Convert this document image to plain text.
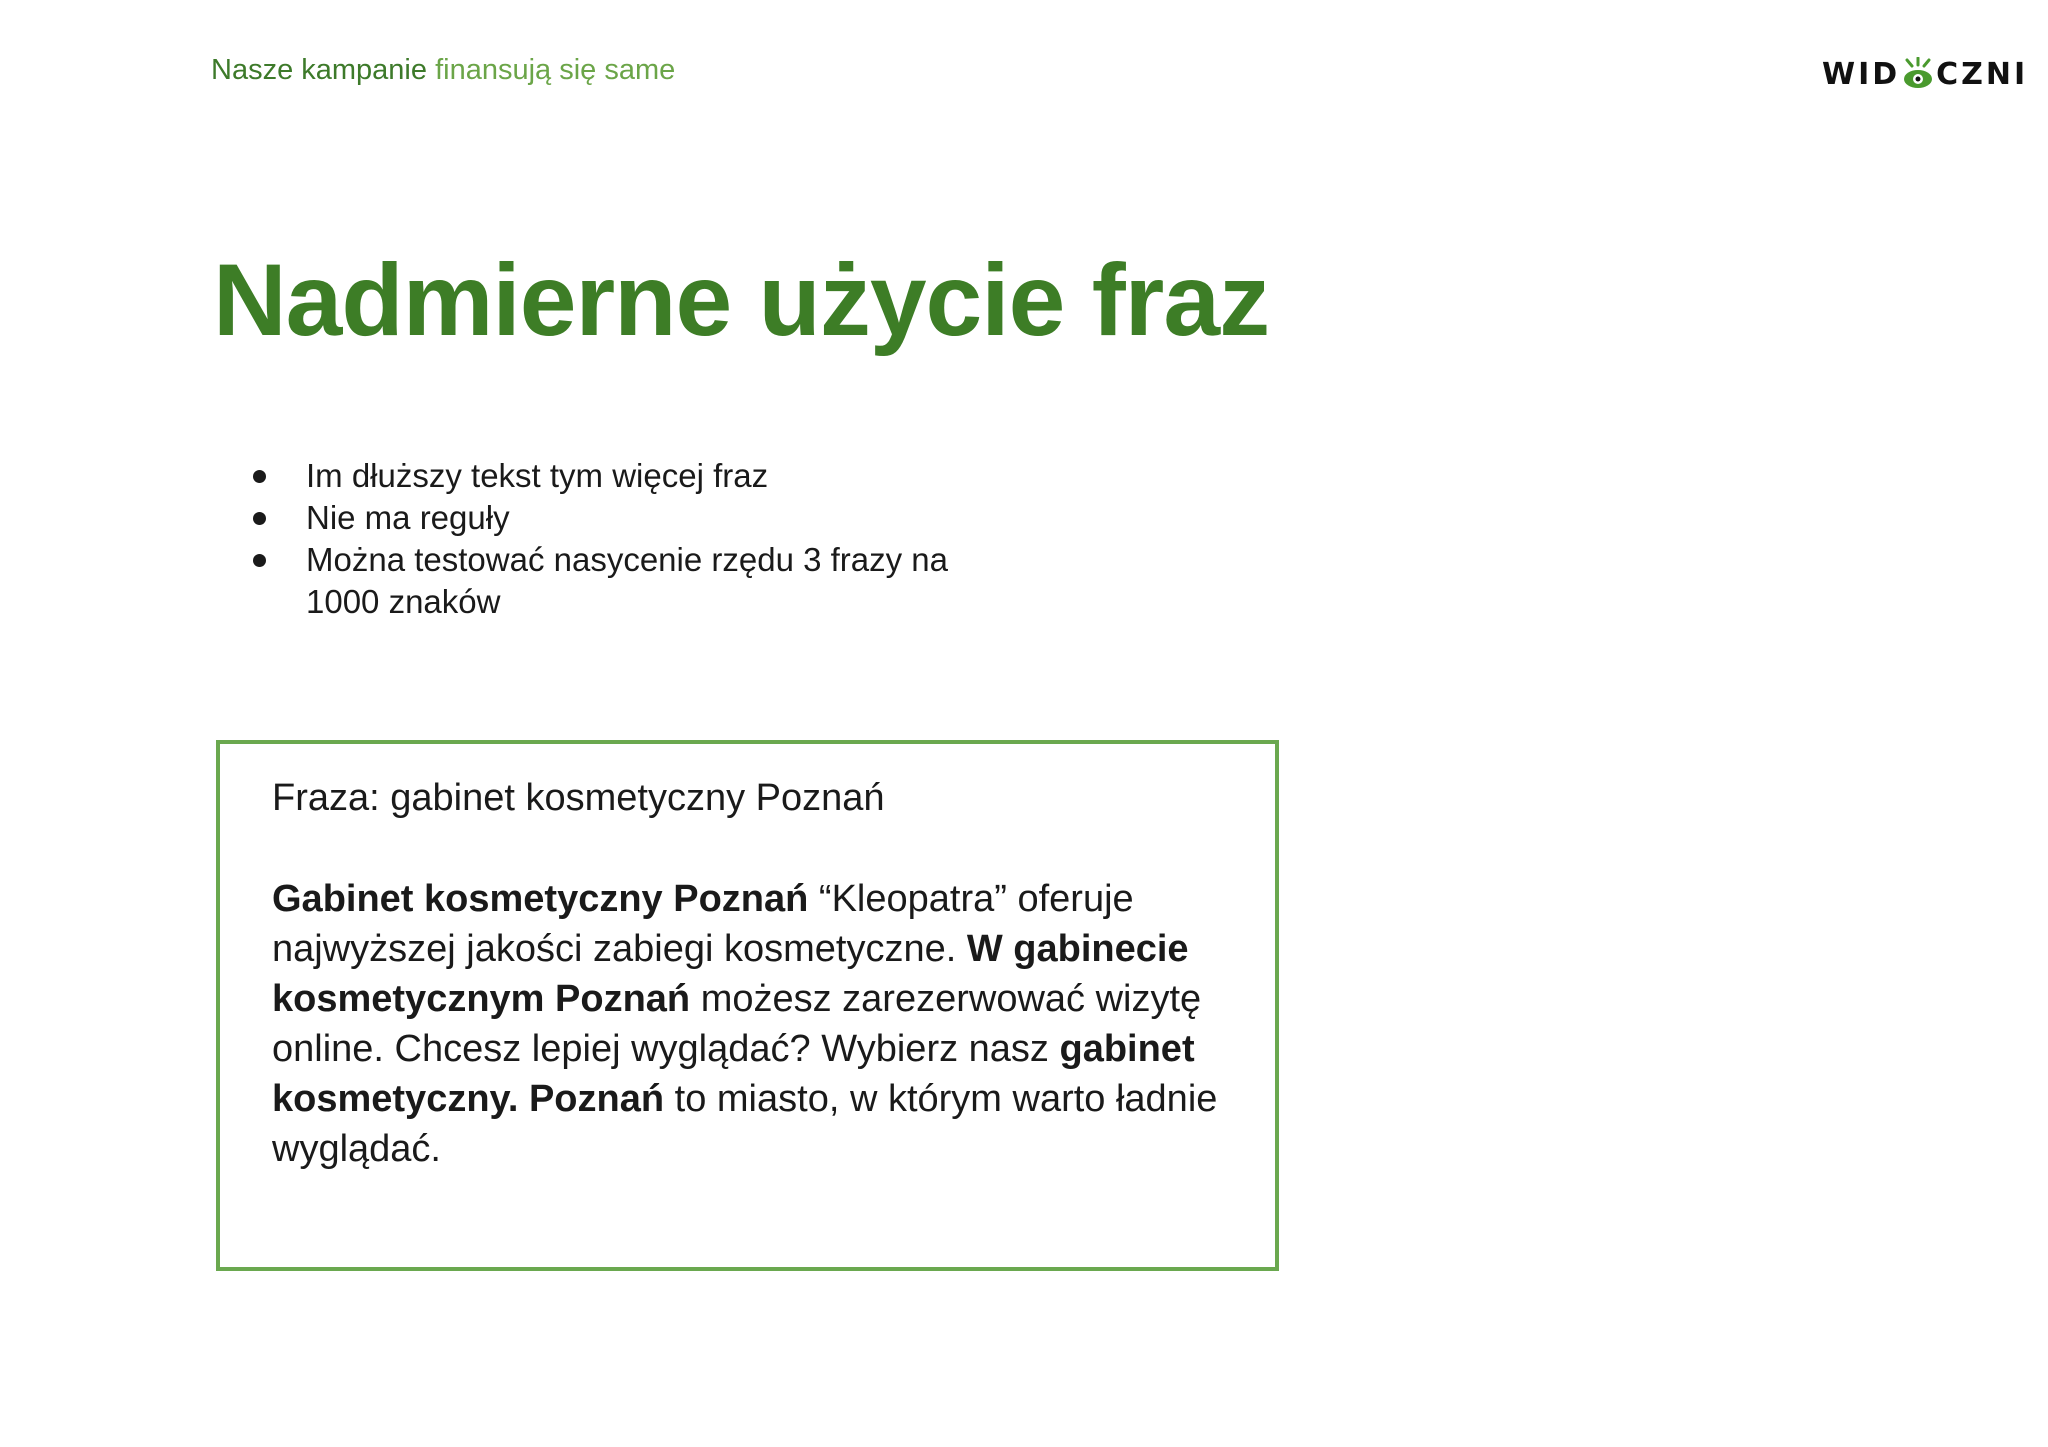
Nasze kampanie finansują się same	WID CZNI
Nadmierne użycie fraz
Im dłuższy tekst tym więcej fraz
Nie ma reguły
Można testować nasycenie rzędu 3 frazy na 1000 znaków
Fraza: gabinet kosmetyczny Poznań
Gabinet kosmetyczny Poznań “Kleopatra” oferuje najwyższej jakości zabiegi kosmetyczne. W gabinecie kosmetycznym Poznań możesz zarezerwować wizytę online. Chcesz lepiej wyglądać? Wybierz nasz gabinet kosmetyczny. Poznań to miasto, w którym warto ładnie wyglądać.
